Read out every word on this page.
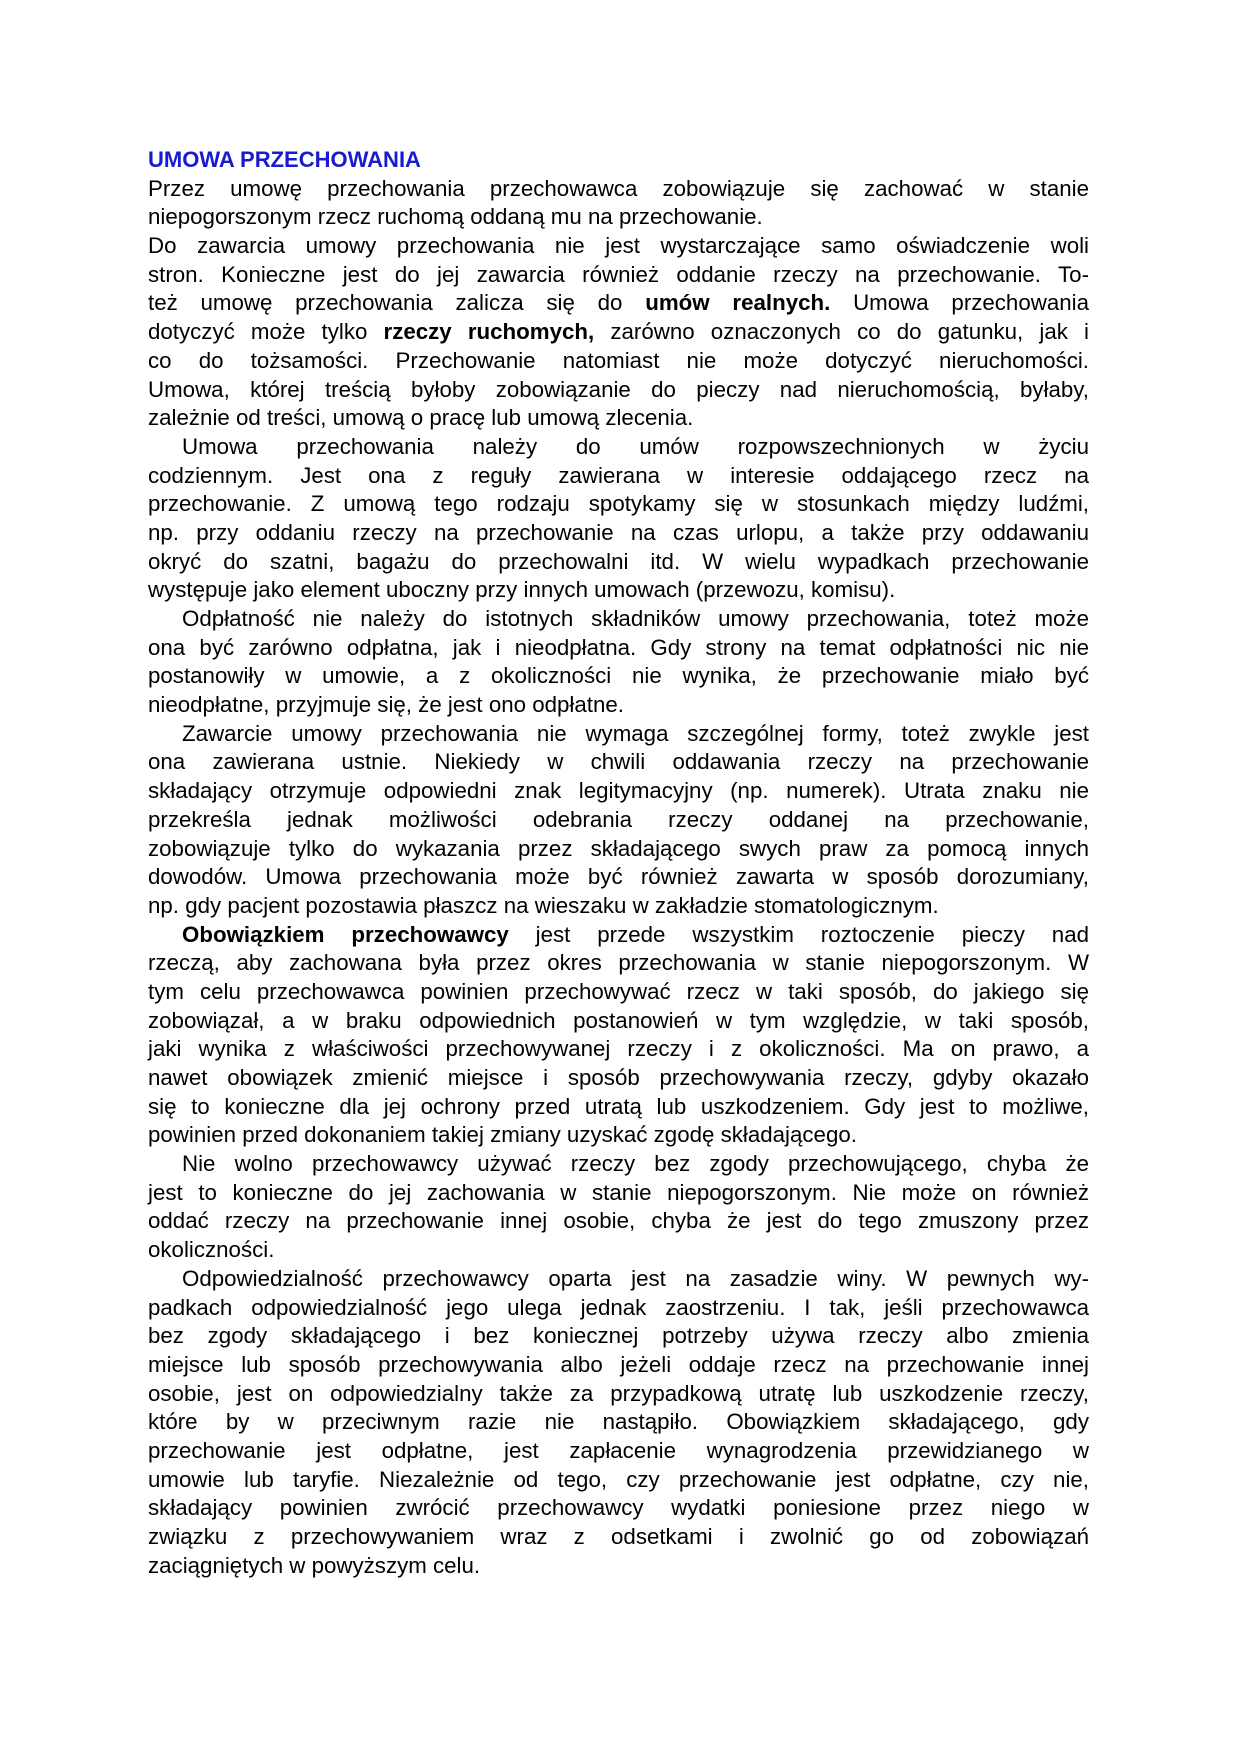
UMOWA PRZECHOWANIA
Przez umowę przechowania przechowawca zobowiązuje się zachować w stanie
niepogorszonym rzecz ruchomą oddaną mu na przechowanie.
Do zawarcia umowy przechowania nie jest wystarczające samo oświadczenie woli
stron. Konieczne jest do jej zawarcia również oddanie rzeczy na przechowanie. To-
też umowę przechowania zalicza się do umów realnych. Umowa przechowania
dotyczyć może tylko rzeczy ruchomych, zarówno oznaczonych co do gatunku, jak i
co do tożsamości. Przechowanie natomiast nie może dotyczyć nieruchomości.
Umowa, której treścią byłoby zobowiązanie do pieczy nad nieruchomością, byłaby,
zależnie od treści, umową o pracę lub umową zlecenia.
Umowa przechowania należy do umów rozpowszechnionych w życiu
codziennym. Jest ona z reguły zawierana w interesie oddającego rzecz na
przechowanie. Z umową tego rodzaju spotykamy się w stosunkach między ludźmi,
np. przy oddaniu rzeczy na przechowanie na czas urlopu, a także przy oddawaniu
okryć do szatni, bagażu do przechowalni itd. W wielu wypadkach przechowanie
występuje jako element uboczny przy innych umowach (przewozu, komisu).
Odpłatność nie należy do istotnych składników umowy przechowania, toteż może
ona być zarówno odpłatna, jak i nieodpłatna. Gdy strony na temat odpłatności nic nie
postanowiły w umowie, a z okoliczności nie wynika, że przechowanie miało być
nieodpłatne, przyjmuje się, że jest ono odpłatne.
Zawarcie umowy przechowania nie wymaga szczególnej formy, toteż zwykle jest
ona zawierana ustnie. Niekiedy w chwili oddawania rzeczy na przechowanie
składający otrzymuje odpowiedni znak legitymacyjny (np. numerek). Utrata znaku nie
przekreśla jednak możliwości odebrania rzeczy oddanej na przechowanie,
zobowiązuje tylko do wykazania przez składającego swych praw za pomocą innych
dowodów. Umowa przechowania może być również zawarta w sposób dorozumiany,
np. gdy pacjent pozostawia płaszcz na wieszaku w zakładzie stomatologicznym.
Obowiązkiem przechowawcy jest przede wszystkim roztoczenie pieczy nad
rzeczą, aby zachowana była przez okres przechowania w stanie niepogorszonym. W
tym celu przechowawca powinien przechowywać rzecz w taki sposób, do jakiego się
zobowiązał, a w braku odpowiednich postanowień w tym względzie, w taki sposób,
jaki wynika z właściwości przechowywanej rzeczy i z okoliczności. Ma on prawo, a
nawet obowiązek zmienić miejsce i sposób przechowywania rzeczy, gdyby okazało
się to konieczne dla jej ochrony przed utratą lub uszkodzeniem. Gdy jest to możliwe,
powinien przed dokonaniem takiej zmiany uzyskać zgodę składającego.
Nie wolno przechowawcy używać rzeczy bez zgody przechowującego, chyba że
jest to konieczne do jej zachowania w stanie niepogorszonym. Nie może on również
oddać rzeczy na przechowanie innej osobie, chyba że jest do tego zmuszony przez
okoliczności.
Odpowiedzialność przechowawcy oparta jest na zasadzie winy. W pewnych wy-
padkach odpowiedzialność jego ulega jednak zaostrzeniu. I tak, jeśli przechowawca
bez zgody składającego i bez koniecznej potrzeby używa rzeczy albo zmienia
miejsce lub sposób przechowywania albo jeżeli oddaje rzecz na przechowanie innej
osobie, jest on odpowiedzialny także za przypadkową utratę lub uszkodzenie rzeczy,
które by w przeciwnym razie nie nastąpiło. Obowiązkiem składającego, gdy
przechowanie jest odpłatne, jest zapłacenie wynagrodzenia przewidzianego w
umowie lub taryfie. Niezależnie od tego, czy przechowanie jest odpłatne, czy nie,
składający powinien zwrócić przechowawcy wydatki poniesione przez niego w
związku z przechowywaniem wraz z odsetkami i zwolnić go od zobowiązań
zaciągniętych w powyższym celu.
